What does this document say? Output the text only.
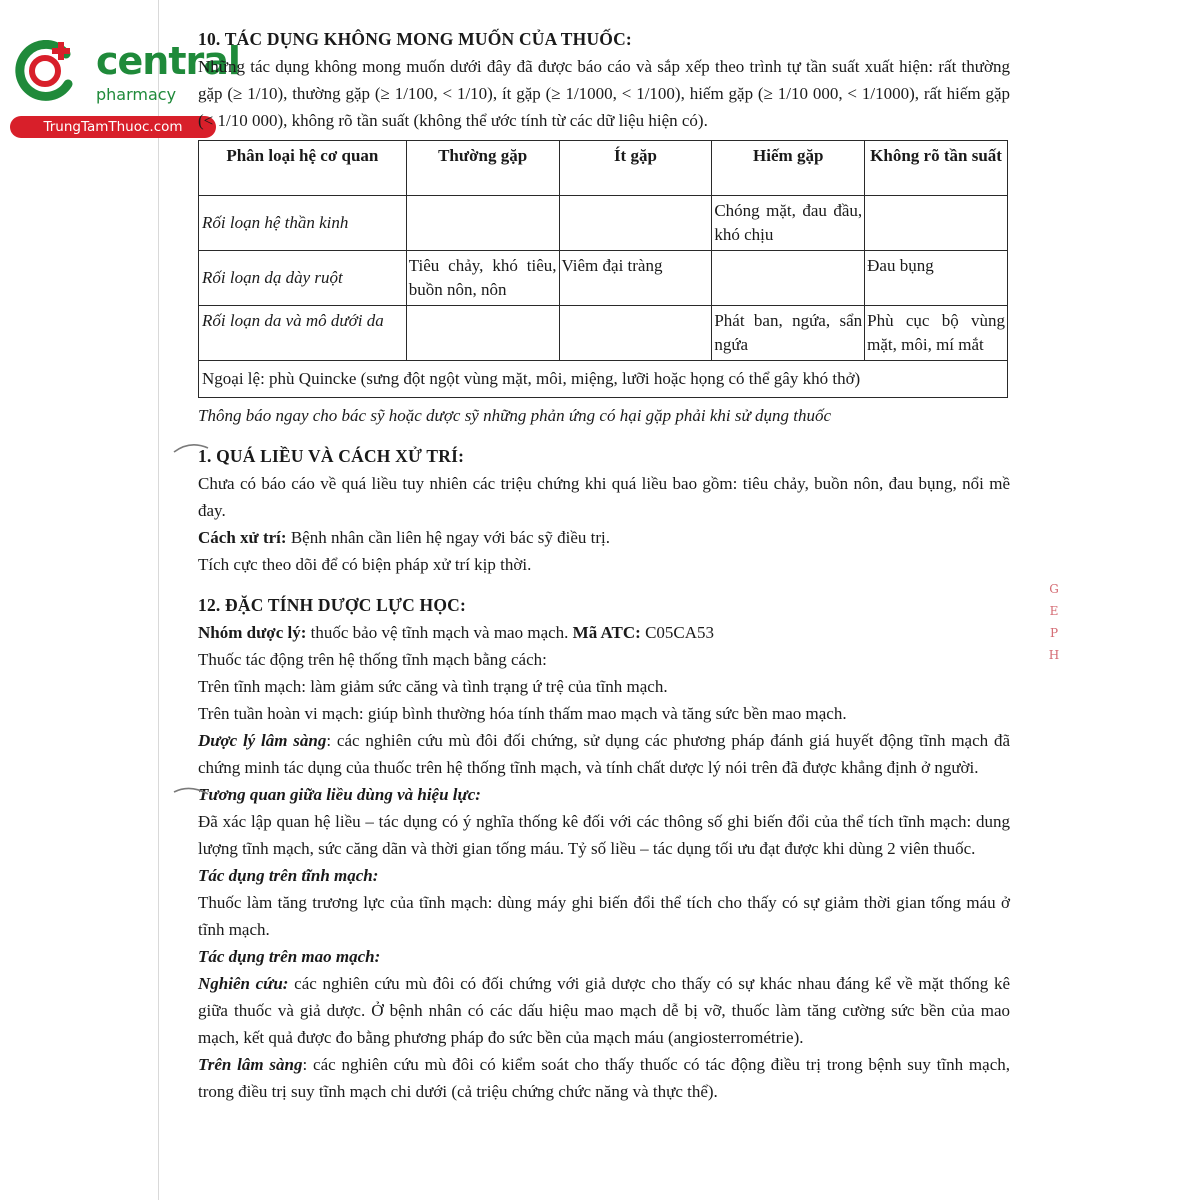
central
pharmacy
TrungTamThuoc.com

10. TÁC DỤNG KHÔNG MONG MUỐN CỦA THUỐC:

Những tác dụng không mong muốn dưới đây đã được báo cáo và sắp xếp theo trình tự tần suất xuất hiện: rất thường gặp (≥ 1/10), thường gặp (≥ 1/100, < 1/10), ít gặp (≥ 1/1000, < 1/100), hiếm gặp (≥ 1/10 000, < 1/1000), rất hiếm gặp (< 1/10 000), không rõ tần suất (không thể ước tính từ các dữ liệu hiện có).

Phân loại hệ cơ quan	Thường gặp	Ít gặp	Hiếm gặp	Không rõ tần suất
Rối loạn hệ thần kinh			Chóng mặt, đau đầu, khó chịu	
Rối loạn dạ dày ruột	Tiêu chảy, khó tiêu, buồn nôn, nôn	Viêm đại tràng		Đau bụng
Rối loạn da và mô dưới da			Phát ban, ngứa, sẩn ngứa	Phù cục bộ vùng mặt, môi, mí mắt
Ngoại lệ: phù Quincke (sưng đột ngột vùng mặt, môi, miệng, lưỡi hoặc họng có thể gây khó thở)				

Thông báo ngay cho bác sỹ hoặc dược sỹ những phản ứng có hại gặp phải khi sử dụng thuốc

1. QUÁ LIỀU VÀ CÁCH XỬ TRÍ:

Chưa có báo cáo về quá liều tuy nhiên các triệu chứng khi quá liều bao gồm: tiêu chảy, buồn nôn, đau bụng, nổi mề đay.

Cách xử trí: Bệnh nhân cần liên hệ ngay với bác sỹ điều trị.

Tích cực theo dõi để có biện pháp xử trí kịp thời.

12. ĐẶC TÍNH DƯỢC LỰC HỌC:

Nhóm dược lý: thuốc bảo vệ tĩnh mạch và mao mạch. Mã ATC: C05CA53

Thuốc tác động trên hệ thống tĩnh mạch bằng cách:

Trên tĩnh mạch: làm giảm sức căng và tình trạng ứ trệ của tĩnh mạch.

Trên tuần hoàn vi mạch: giúp bình thường hóa tính thấm mao mạch và tăng sức bền mao mạch.

Dược lý lâm sàng: các nghiên cứu mù đôi đối chứng, sử dụng các phương pháp đánh giá huyết động tĩnh mạch đã chứng minh tác dụng của thuốc trên hệ thống tĩnh mạch, và tính chất dược lý nói trên đã được khẳng định ở người.

Tương quan giữa liều dùng và hiệu lực:

Đã xác lập quan hệ liều – tác dụng có ý nghĩa thống kê đối với các thông số ghi biến đổi của thể tích tĩnh mạch: dung lượng tĩnh mạch, sức căng dãn và thời gian tống máu. Tỷ số liều – tác dụng tối ưu đạt được khi dùng 2 viên thuốc.

Tác dụng trên tĩnh mạch:

Thuốc làm tăng trương lực của tĩnh mạch: dùng máy ghi biến đổi thể tích cho thấy có sự giảm thời gian tống máu ở tĩnh mạch.

Tác dụng trên mao mạch:

Nghiên cứu: các nghiên cứu mù đôi có đối chứng với giả dược cho thấy có sự khác nhau đáng kể về mặt thống kê giữa thuốc và giả dược. Ở bệnh nhân có các dấu hiệu mao mạch dễ bị vỡ, thuốc làm tăng cường sức bền của mao mạch, kết quả được đo bằng phương pháp đo sức bền của mạch máu (angiosterrométrie).

Trên lâm sàng: các nghiên cứu mù đôi có kiểm soát cho thấy thuốc có tác động điều trị trong bệnh suy tĩnh mạch, trong điều trị suy tĩnh mạch chi dưới (cả triệu chứng chức năng và thực thể).

G
E
P
H
